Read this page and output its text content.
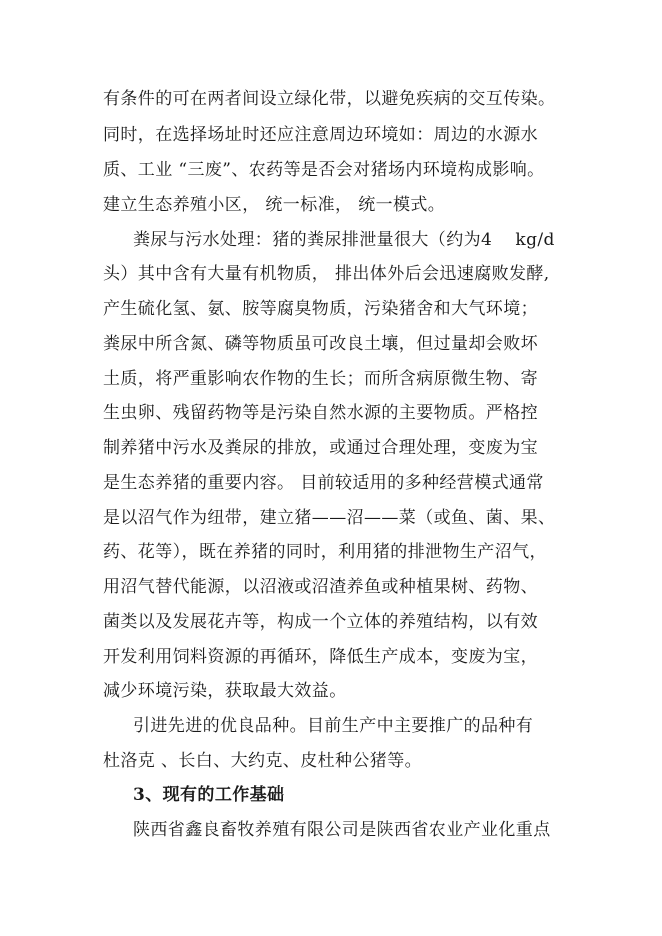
有条件的可在两者间设立绿化带，以避免疾病的交互传染。
同时，在选择场址时还应注意周边环境如：周边的水源水
质、工业 “三废”、农药等是否会对猪场内环境构成影响。
建立生态养殖小区， 统一标准， 统一模式。
粪尿与污水处理：猪的粪尿排泄量很大（约为4　 kg/d
头）其中含有大量有机物质， 排出体外后会迅速腐败发酵,
产生硫化氢、氨、胺等腐臭物质，污染猪舍和大气环境；
粪尿中所含氮、磷等物质虽可改良土壤，但过量却会败坏
土质，将严重影响农作物的生长；而所含病原微生物、寄
生虫卵、残留药物等是污染自然水源的主要物质。严格控
制养猪中污水及粪尿的排放，或通过合理处理，变废为宝
是生态养猪的重要内容。 目前较适用的多种经营模式通常
是以沼气作为纽带，建立猪——沼——菜（或鱼、菌、果、
药、花等），既在养猪的同时，利用猪的排泄物生产沼气，
用沼气替代能源，以沼液或沼渣养鱼或种植果树、药物、
菌类以及发展花卉等，构成一个立体的养殖结构，以有效
开发利用饲料资源的再循环，降低生产成本，变废为宝，
减少环境污染，获取最大效益。
引进先进的优良品种。目前生产中主要推广的品种有
杜洛克 、长白、大约克、皮杜种公猪等。
3、现有的工作基础
陕西省鑫良畜牧养殖有限公司是陕西省农业产业化重点
